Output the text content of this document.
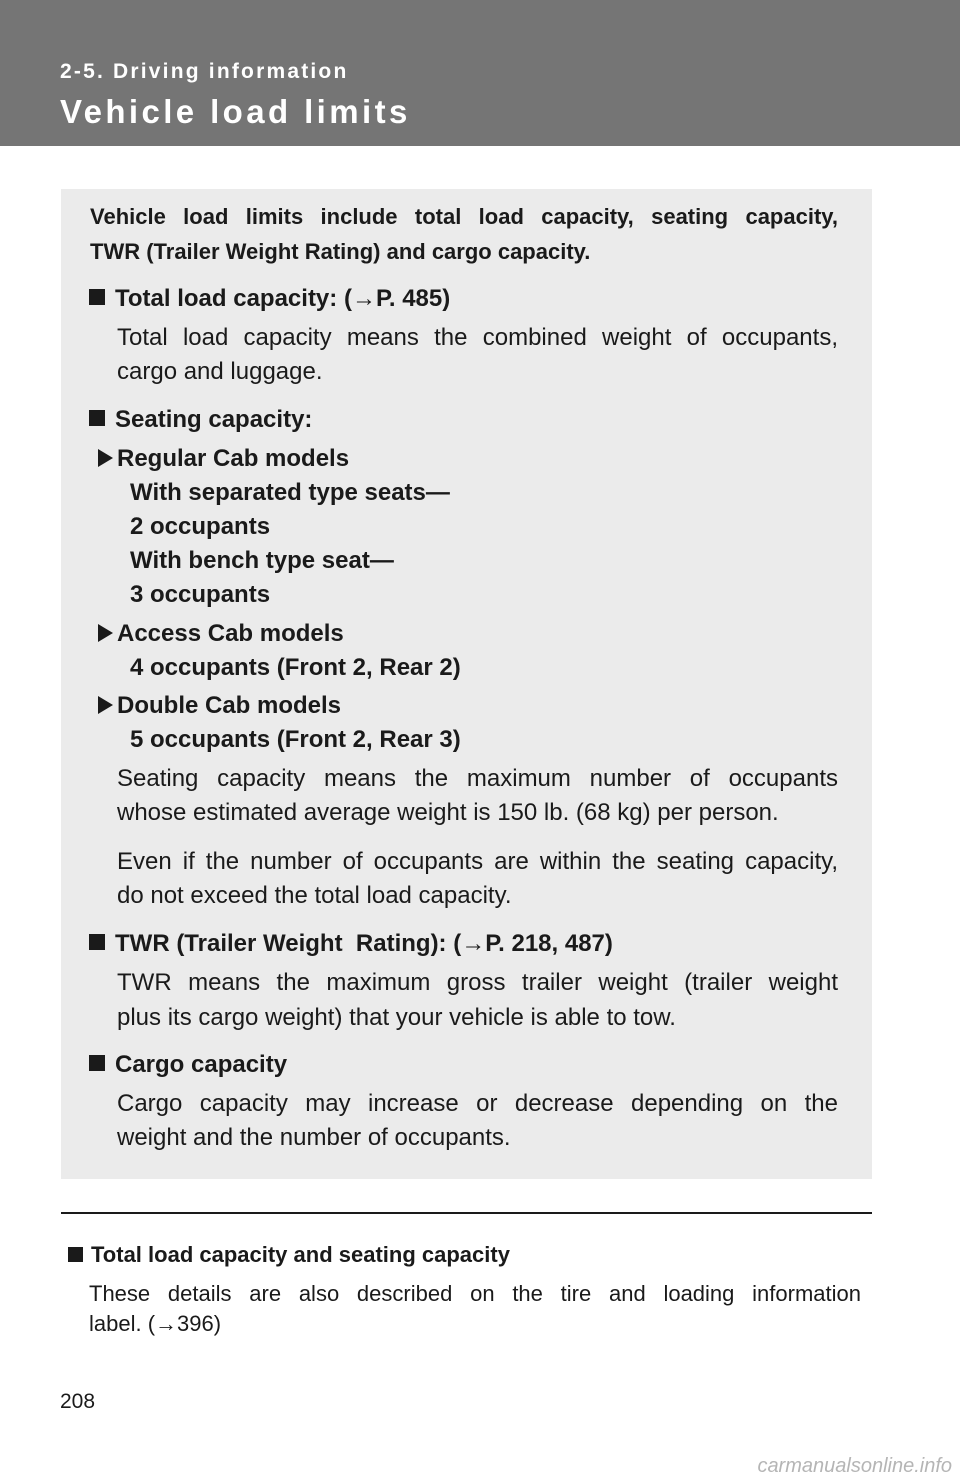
2-5. Driving information
Vehicle load limits
Vehicle load limits include total load capacity, seating capacity,
TWR (Trailer Weight Rating) and cargo capacity.
Total load capacity: (→P. 485)
Total load capacity means the combined weight of occupants,
cargo and luggage.
Seating capacity:
Regular Cab models
With separated type seats—
2 occupants
With bench type seat—
3 occupants
Access Cab models
4 occupants (Front 2, Rear 2)
Double Cab models
5 occupants (Front 2, Rear 3)
Seating capacity means the maximum number of occupants
whose estimated average weight is 150 lb. (68 kg) per person.
Even if the number of occupants are within the seating capacity,
do not exceed the total load capacity.
TWR (Trailer Weight  Rating): (→P. 218, 487)
TWR means the maximum gross trailer weight (trailer weight
plus its cargo weight) that your vehicle is able to tow.
Cargo capacity
Cargo capacity may increase or decrease depending on the
weight and the number of occupants.
Total load capacity and seating capacity
These details are also described on the tire and loading information
label. (→396)
208
carmanualsonline.info
